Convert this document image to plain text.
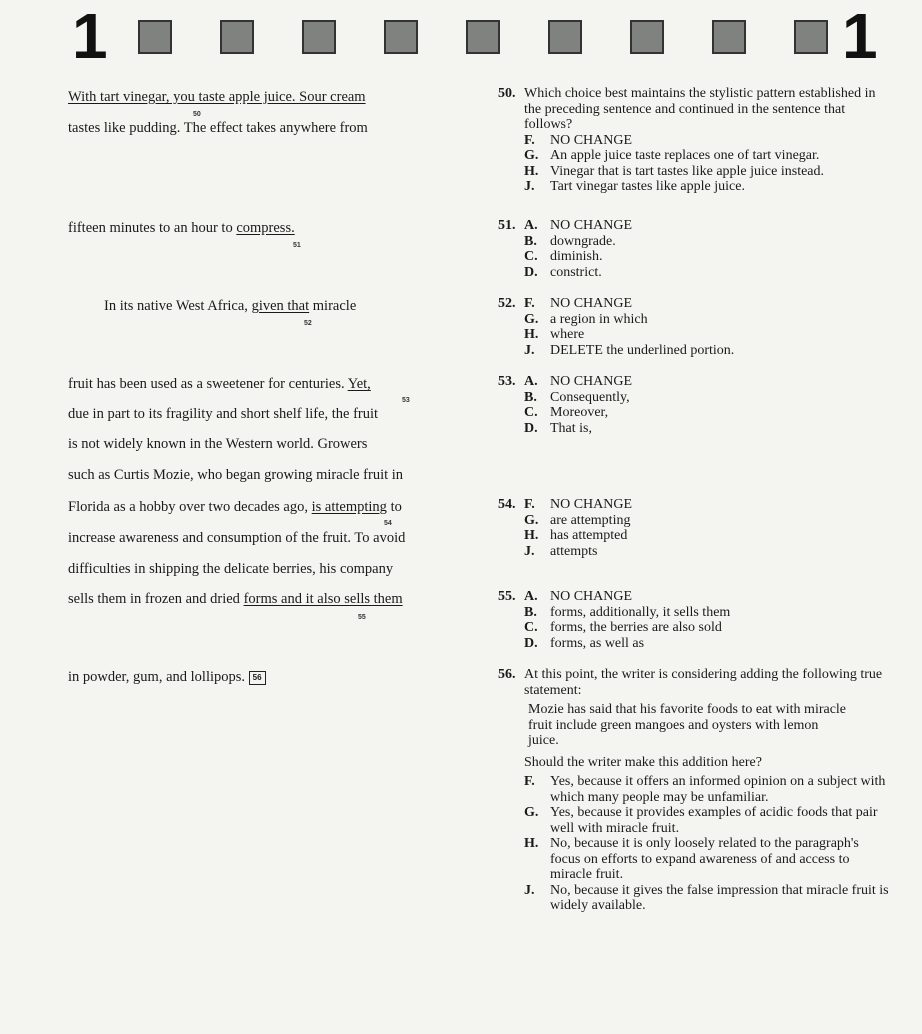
1	1
With tart vinegar, you taste apple juice. Sour cream
50
tastes like pudding. The effect takes anywhere from
fifteen minutes to an hour to compress.
51
In its native West Africa, given that miracle
52
fruit has been used as a sweetener for centuries. Yet,
53
due in part to its fragility and short shelf life, the fruit
is not widely known in the Western world. Growers
such as Curtis Mozie, who began growing miracle fruit in
Florida as a hobby over two decades ago, is attempting to
54
increase awareness and consumption of the fruit. To avoid
difficulties in shipping the delicate berries, his company
sells them in frozen and dried forms and it also sells them
55
in powder, gum, and lollipops. 56
50. Which choice best maintains the stylistic pattern established in the preceding sentence and continued in the sentence that follows?
F. NO CHANGE
G. An apple juice taste replaces one of tart vinegar.
H. Vinegar that is tart tastes like apple juice instead.
J. Tart vinegar tastes like apple juice.
51. A. NO CHANGE
B. downgrade.
C. diminish.
D. constrict.
52. F. NO CHANGE
G. a region in which
H. where
J. DELETE the underlined portion.
53. A. NO CHANGE
B. Consequently,
C. Moreover,
D. That is,
54. F. NO CHANGE
G. are attempting
H. has attempted
J. attempts
55. A. NO CHANGE
B. forms, additionally, it sells them
C. forms, the berries are also sold
D. forms, as well as
56. At this point, the writer is considering adding the following true statement:
Mozie has said that his favorite foods to eat with miracle fruit include green mangoes and oysters with lemon juice.
Should the writer make this addition here?
F.	Yes, because it offers an informed opinion on a subject with which many people may be unfamiliar.
G. Yes, because it provides examples of acidic foods that pair well with miracle fruit.
H. No, because it is only loosely related to the paragraph's focus on efforts to expand awareness of and access to miracle fruit.
J.	No, because it gives the false impression that miracle fruit is widely available.
